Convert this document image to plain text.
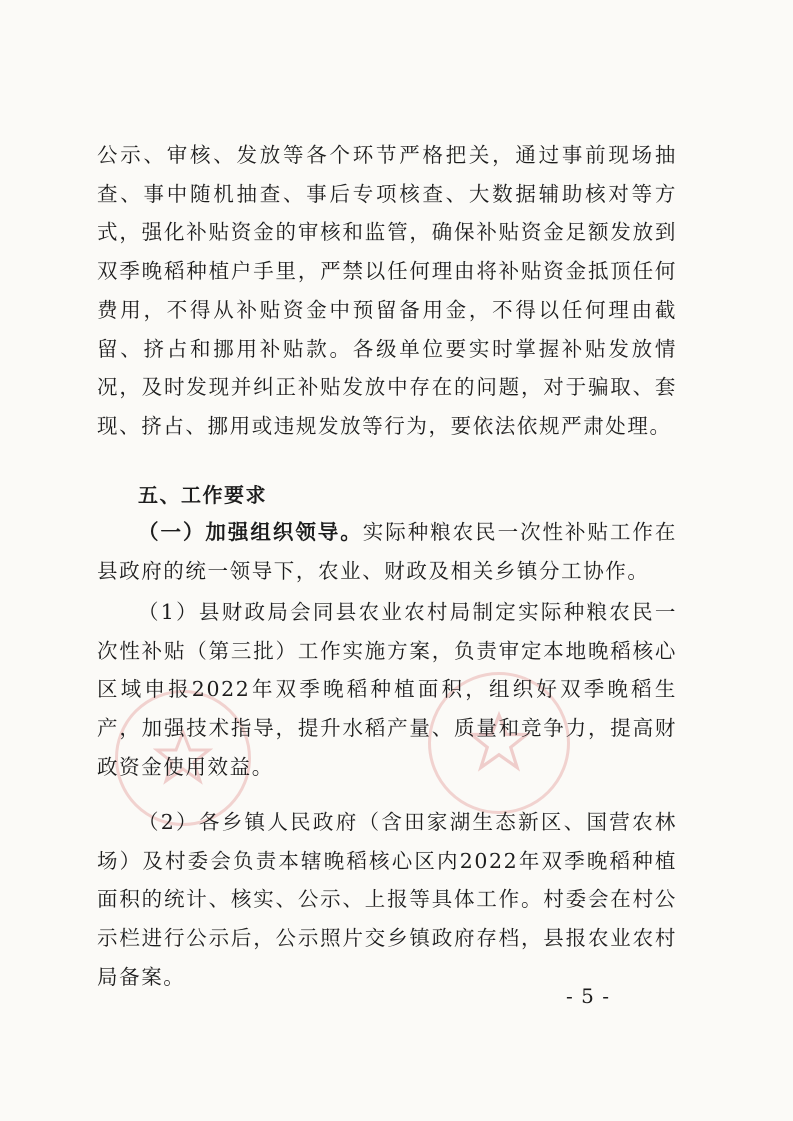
公示、审核、发放等各个环节严格把关，通过事前现场抽查、事中随机抽查、事后专项核查、大数据辅助核对等方式，强化补贴资金的审核和监管，确保补贴资金足额发放到双季晚稻种植户手里，严禁以任何理由将补贴资金抵顶任何费用，不得从补贴资金中预留备用金，不得以任何理由截留、挤占和挪用补贴款。各级单位要实时掌握补贴发放情况，及时发现并纠正补贴发放中存在的问题，对于骗取、套现、挤占、挪用或违规发放等行为，要依法依规严肃处理。

五、工作要求

（一）加强组织领导。实际种粮农民一次性补贴工作在县政府的统一领导下，农业、财政及相关乡镇分工协作。

（1）县财政局会同县农业农村局制定实际种粮农民一次性补贴（第三批）工作实施方案，负责审定本地晚稻核心区域申报2022年双季晚稻种植面积，组织好双季晚稻生产，加强技术指导，提升水稻产量、质量和竞争力，提高财政资金使用效益。

（2）各乡镇人民政府（含田家湖生态新区、国营农林场）及村委会负责本辖晚稻核心区内2022年双季晚稻种植面积的统计、核实、公示、上报等具体工作。村委会在村公示栏进行公示后，公示照片交乡镇政府存档，县报农业农村局备案。

- 5 -
